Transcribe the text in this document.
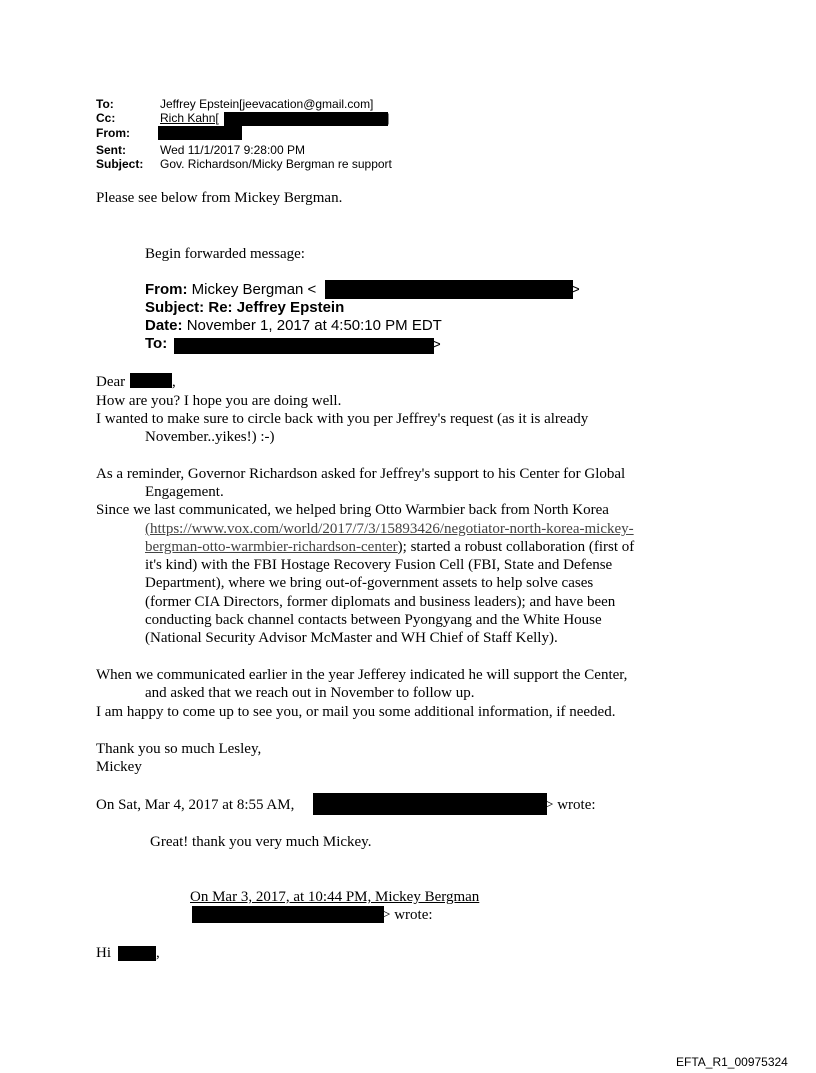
To:	Jeffrey Epstein[jeevacation@gmail.com]
Cc:	Rich Kahn[	]
From:
Sent:	Wed 11/1/2017 9:28:00 PM
Subject: Gov. Richardson/Micky Bergman re support
Please see below from Mickey Bergman.
Begin forwarded message:
From: Mickey Bergman <	>
Subject: Re: Jeffrey Epstein
Date: November 1, 2017 at 4:50:10 PM EDT
To:	>
Dear	,
How are you? I hope you are doing well.
I wanted to make sure to circle back with you per Jeffrey's request (as it is already
November..yikes!) :-)
As a reminder, Governor Richardson asked for Jeffrey's support to his Center for Global
Engagement.
Since we last communicated, we helped bring Otto Warmbier back from North Korea
(https://www.vox.com/world/2017/7/3/15893426/negotiator-north-korea-mickey-
bergman-otto-warmbier-richardson-center); started a robust collaboration (first of
it's kind) with the FBI Hostage Recovery Fusion Cell (FBI, State and Defense
Department), where we bring out-of-government assets to help solve cases
(former CIA Directors, former diplomats and business leaders); and have been
conducting back channel contacts between Pyongyang and the White House
(National Security Advisor McMaster and WH Chief of Staff Kelly).
When we communicated earlier in the year Jefferey indicated he will support the Center,
and asked that we reach out in November to follow up.
I am happy to come up to see you, or mail you some additional information, if needed.
Thank you so much Lesley,
Mickey
On Sat, Mar 4, 2017 at 8:55 AM,	> wrote:
Great! thank you very much Mickey.
On Mar 3, 2017, at 10:44 PM, Mickey Bergman
> wrote:
Hi	,
EFTA_R1_00975324
